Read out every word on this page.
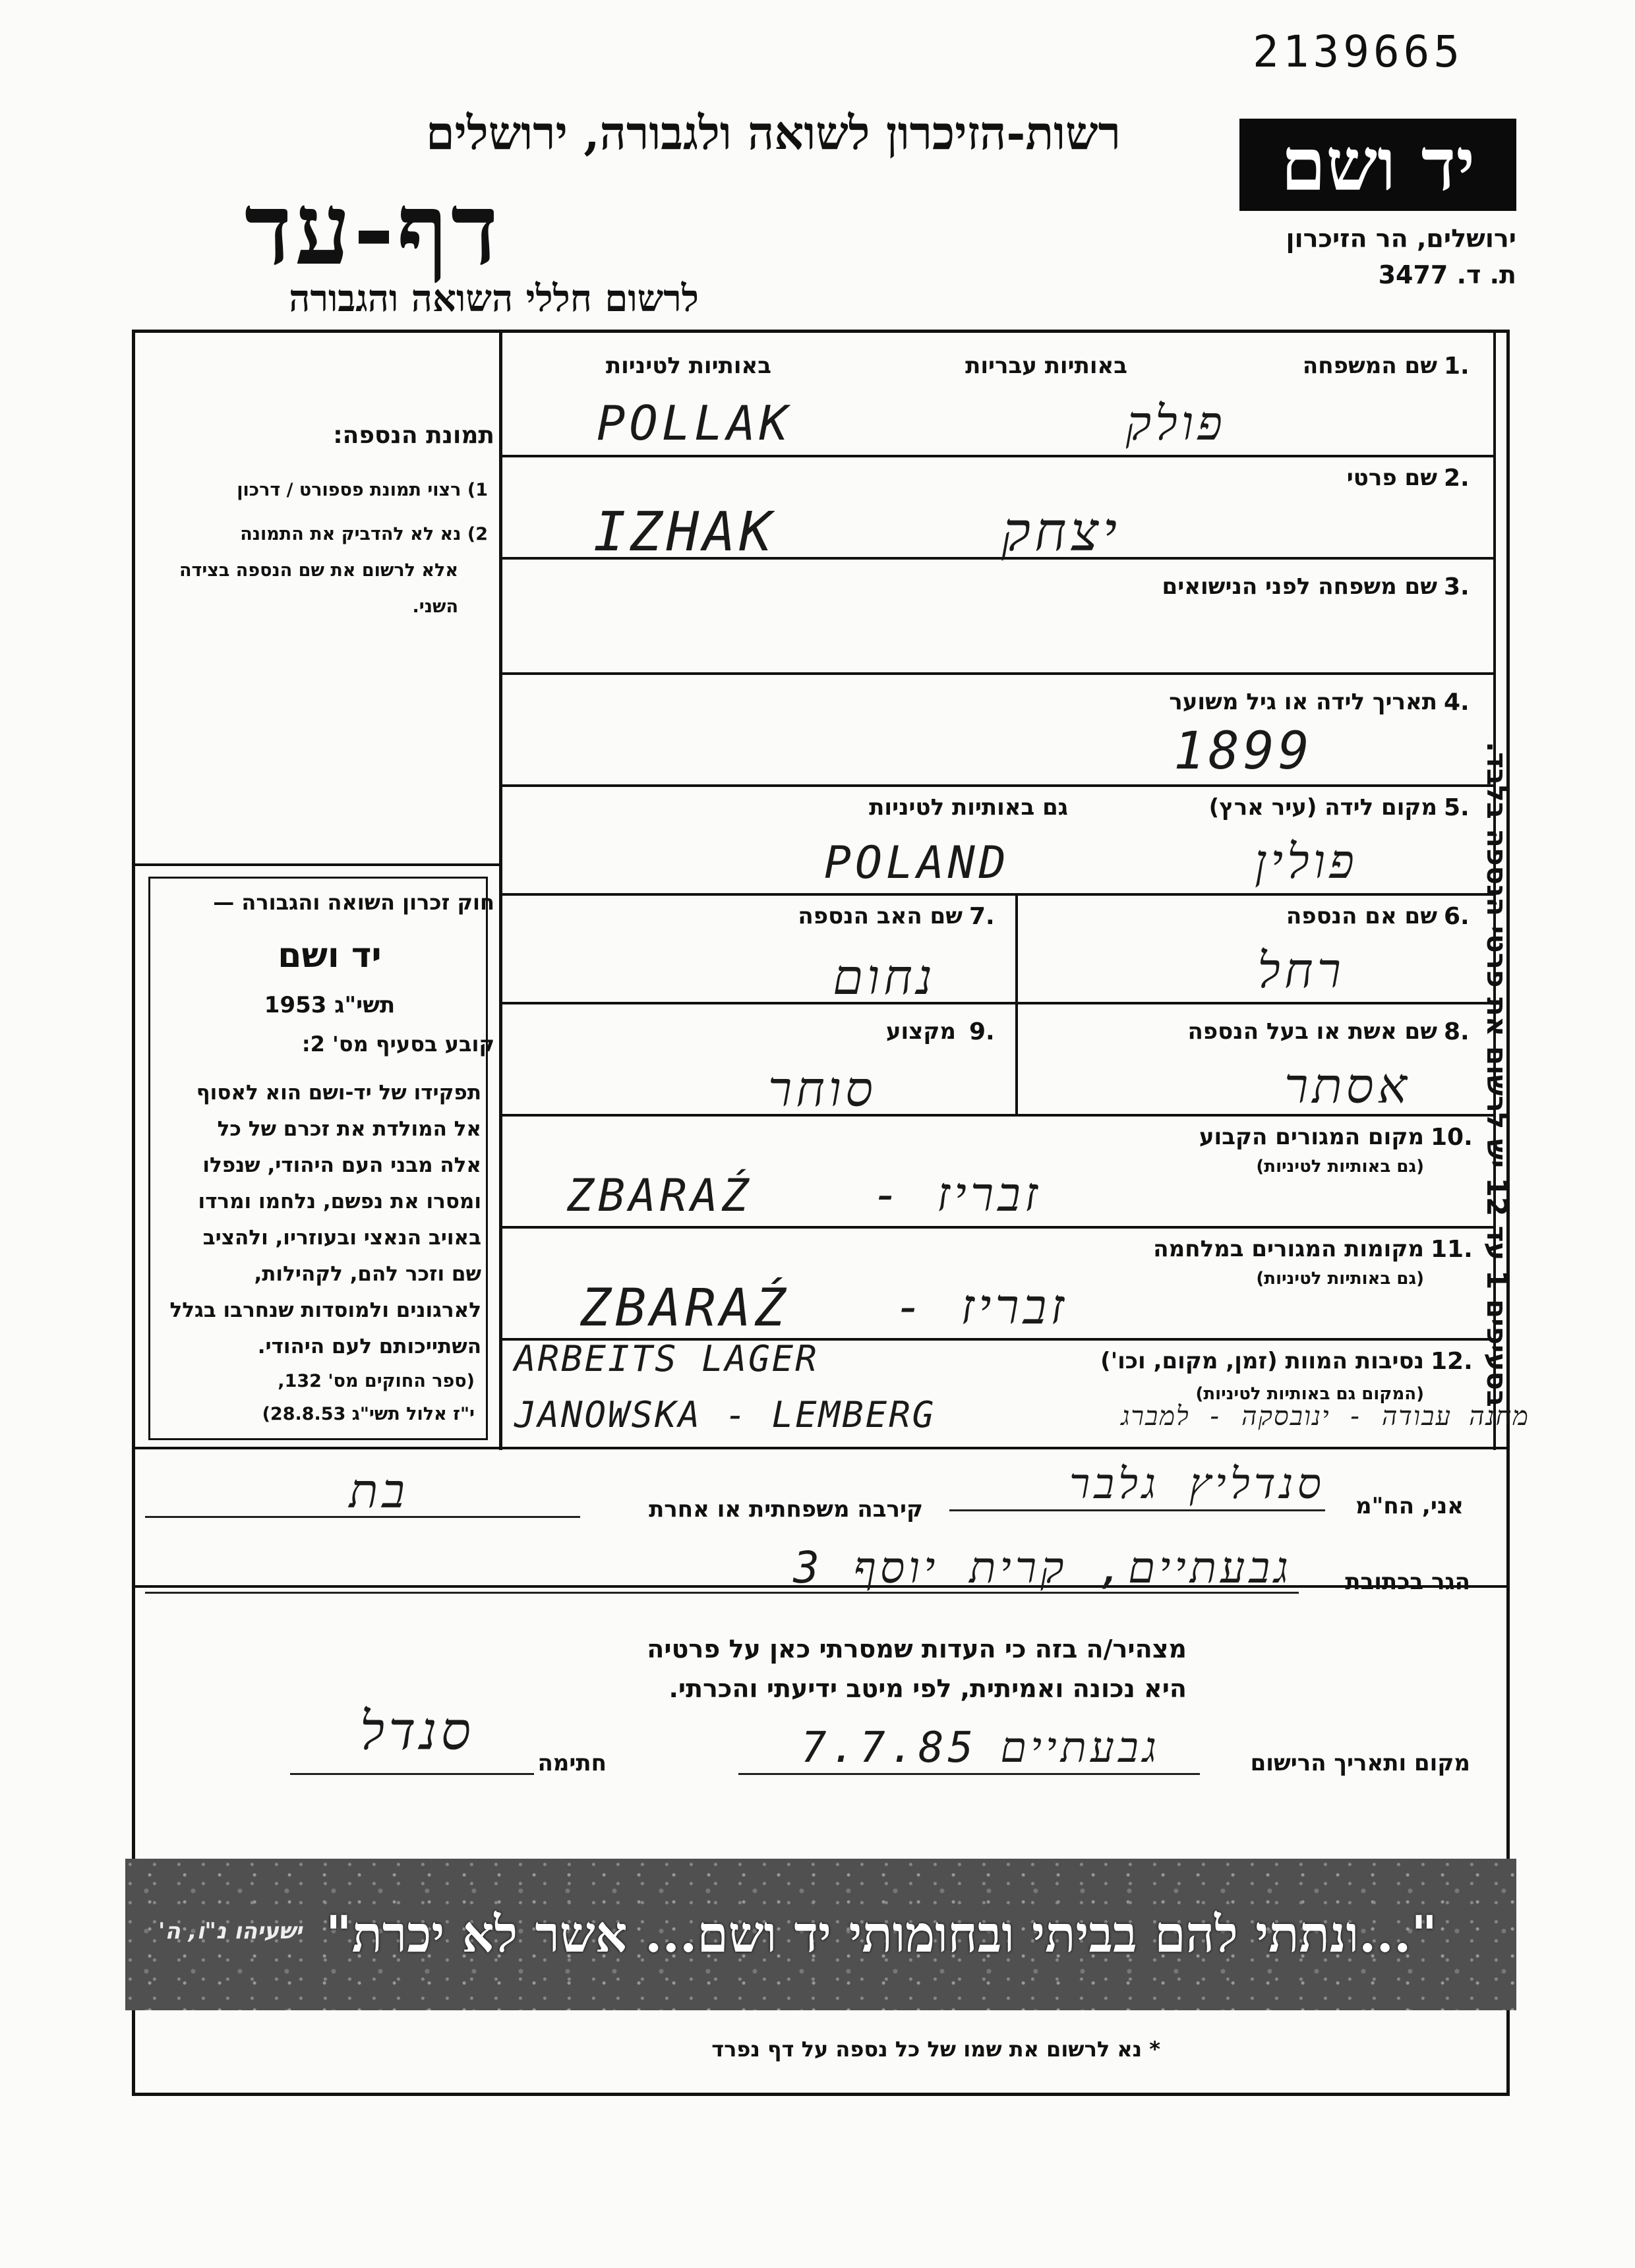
2139665
רשות-הזיכרון לשואה ולגבורה, ירושלים
דף-עד
לרשום חללי השואה והגבורה
יד ושם
ירושלים, הר הזיכרון
ת. ד. 3477
תמונת הנספה:
1) רצוי תמונת פספורט / דרכון
2) נא לא להדביק את התמונה
אלא לרשום את שם הנספה בצידה
השני.
חוק זכרון השואה והגבורה —
יד ושם
תשי"ג 1953
קובע בסעיף מס' 2:
תפקידו של יד-ושם הוא לאסוף
אל המולדת את זכרם של כל
אלה מבני העם היהודי, שנפלו
ומסרו את נפשם, נלחמו ומרדו
באויב הנאצי ובעוזריו, ולהציב
שם וזכר להם, לקהילות,
לארגונים ולמוסדות שנחרבו בגלל
השתייכותם לעם היהודי.
(ספר החוקים מס' 132,
י"ז אלול תשי"ג 28.8.53)
1.
שם המשפחה
באותיות עבריות
באותיות לטיניות
POLLAK	פולק
2.
שם פרטי
IZHAK	יצחק
3.
שם משפחה לפני הנישואים
4.
תאריך לידה או גיל משוער
1899
5.
מקום לידה (עיר ארץ)
גם באותיות לטיניות
POLAND	פולין
6.
שם אם הנספה
רחל
7.
שם האב הנספה
נחום
8.
שם אשת או בעל הנספה
אסתר
9.
מקצוע
סוחר
10.
מקום המגורים הקבוע
(גם באותיות לטיניות)
ZBARAŹ	זבריז -
11.
מקומות המגורים במלחמה
(גם באותיות לטיניות)
ZBARAŹ זבריז -
12.
נסיבות המוות (זמן, מקום, וכו')
(המקום גם באותיות לטיניות)
ARBEITS LAGER
JANOWSKA - LEMBERG	מחנה עבודה - ינובסקה - למברג
אני, הח"מ
סנדליץ גלבר
קירבה משפחתית או אחרת
בת
הגר בכתובת
גבעתיים, קרית יוסף 3
מצהיר/ה בזה כי העדות שמסרתי כאן על פרטיה
היא נכונה ואמיתית, לפי מיטב ידיעתי והכרתי.
מקום ותאריך הרישום
גבעתיים
7.7.85
חתימה
סנדל
"...ונתתי להם בביתי ובחומותי יד ושם... אשר לא יכרת"
ישעיהו נ"ו, ה'
* נא לרשום את שמו של כל נספה על דף נפרד
בסעיפים 1 עד 12 יש לרשום את פרטי הנספה בלבד.
